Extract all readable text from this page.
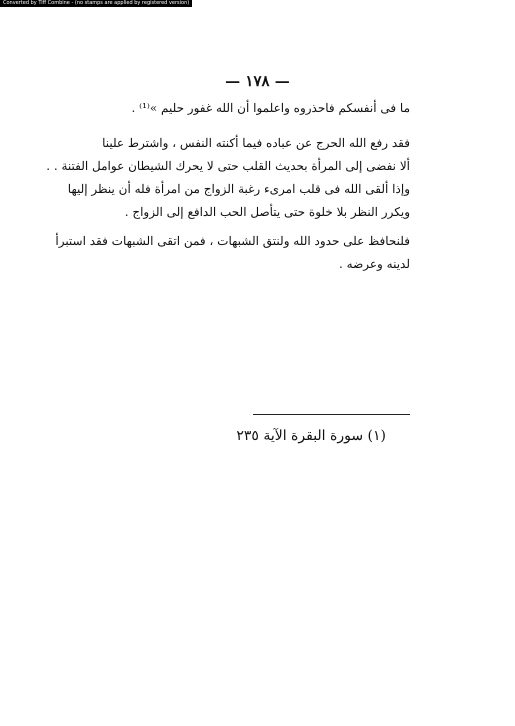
Converted by Tiff Combine - (no stamps are applied by registered version)
— ١٧٨ —
ما فى أنفسكم فاحذروه واعلموا أن الله غفور حليم »⁽¹⁾ .
فقد رفع الله الحرج عن عباده فيما أكنته النفس ، واشترط علينا
ألا نفضى إلى المرأة بحديث القلب حتى لا يحرك الشيطان عوامل الفتنة . .
وإذا ألقى الله فى قلب امرىء رغبة الزواج من امرأة فله أن ينظر إليها
ويكرر النظر بلا خلوة حتى يتأصل الحب الدافع إلى الزواج .
فلنحافظ على حدود الله ولنتق الشبهات ، فمن اتقى الشبهات فقد استبرأ
لدينه وعرضه .
(١) سورة البقرة الآية ٢٣٥
